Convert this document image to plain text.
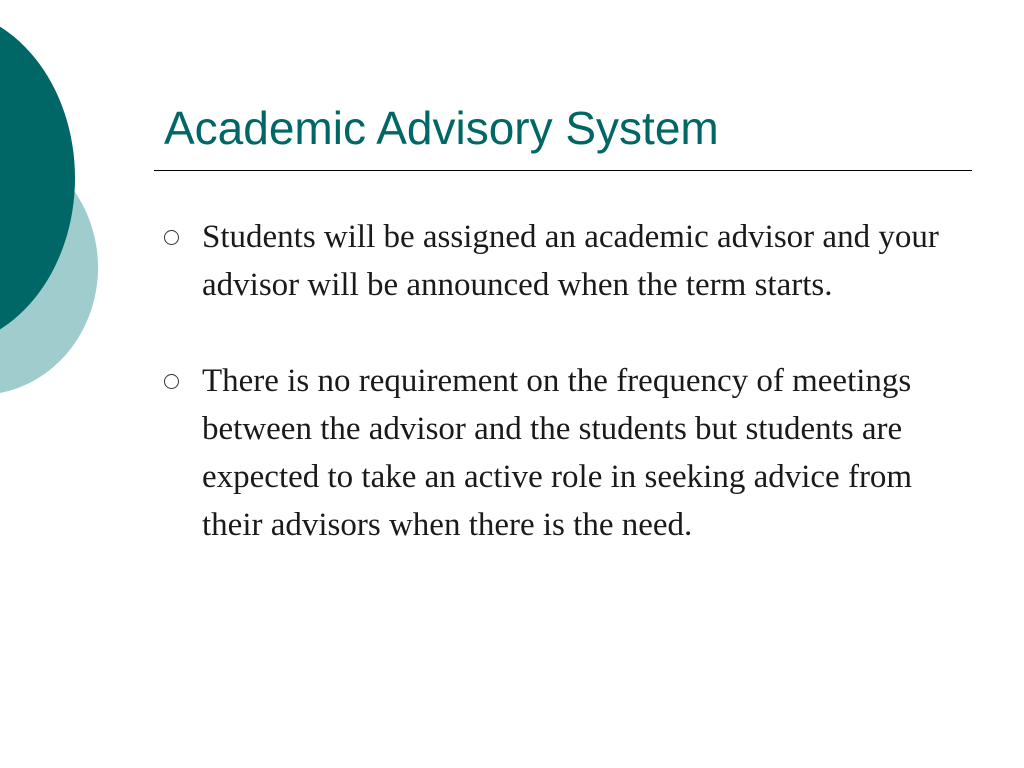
Academic Advisory System
Students will be assigned an academic advisor and your advisor will be announced when the term starts.
There is no requirement on the frequency of meetings between the advisor and the students but students are expected to take an active role in seeking advice from their advisors when there is the need.
